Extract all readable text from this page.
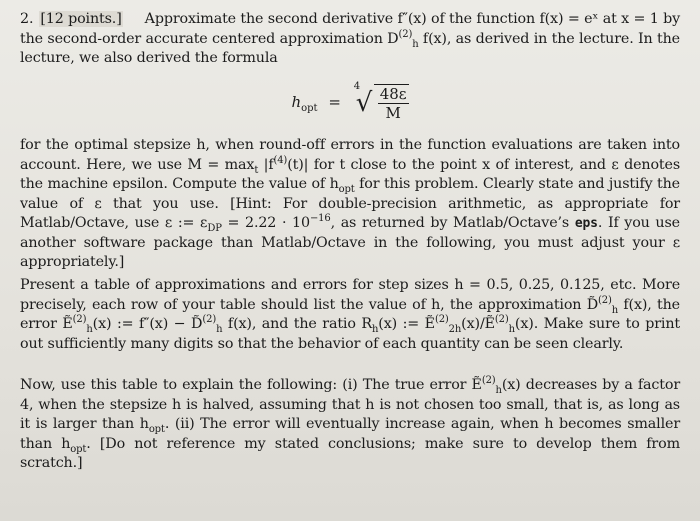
2. [12 points.] Approximate the second derivative f″(x) of the function f(x) = eˣ at x = 1 by the second-order accurate centered approximation $D^{(2)}_h$ f(x), as derived in the lecture. In the lecture, we also derived the formula
$h_{opt}$ =
4
√ $\frac{48\varepsilon}{M}$
for the optimal stepsize h, when round-off errors in the function evaluations are taken into account. Here, we use $M = \max_t |f^{(4)}(t)|$ for t close to the point x of interest, and ε denotes the machine epsilon. Compute the value of $h_{opt}$ for this problem. Clearly state and justify the value of ε that you use. [Hint: For double-precision arithmetic, as appropriate for Matlab/Octave, use ε := $\varepsilon_{DP} = 2.22 \cdot 10^{-16}$, as returned by Matlab/Octave’s eps. If you use another software package than Matlab/Octave in the following, you must adjust your ε appropriately.]
Present a table of approximations and errors for step sizes h = 0.5, 0.25, 0.125, etc. More precisely, each row of your table should list the value of h, the approximation D̃$^{(2)}_h$ f(x), the error Ẽ$^{(2)}_h$(x) := f″(x) − D̃$^{(2)}_h$ f(x), and the ratio $R_h(x)$ := Ẽ$^{(2)}_{2h}$(x)/Ẽ$^{(2)}_h$(x). Make sure to print out sufficiently many digits so that the behavior of each quantity can be seen clearly.
Now, use this table to explain the following: (i) The true error Ẽ$^{(2)}_h$(x) decreases by a factor 4, when the stepsize h is halved, assuming that h is not chosen too small, that is, as long as it is larger than $h_{opt}$. (ii) The error will eventually increase again, when h becomes smaller than $h_{opt}$. [Do not reference my stated conclusions; make sure to develop them from scratch.]
